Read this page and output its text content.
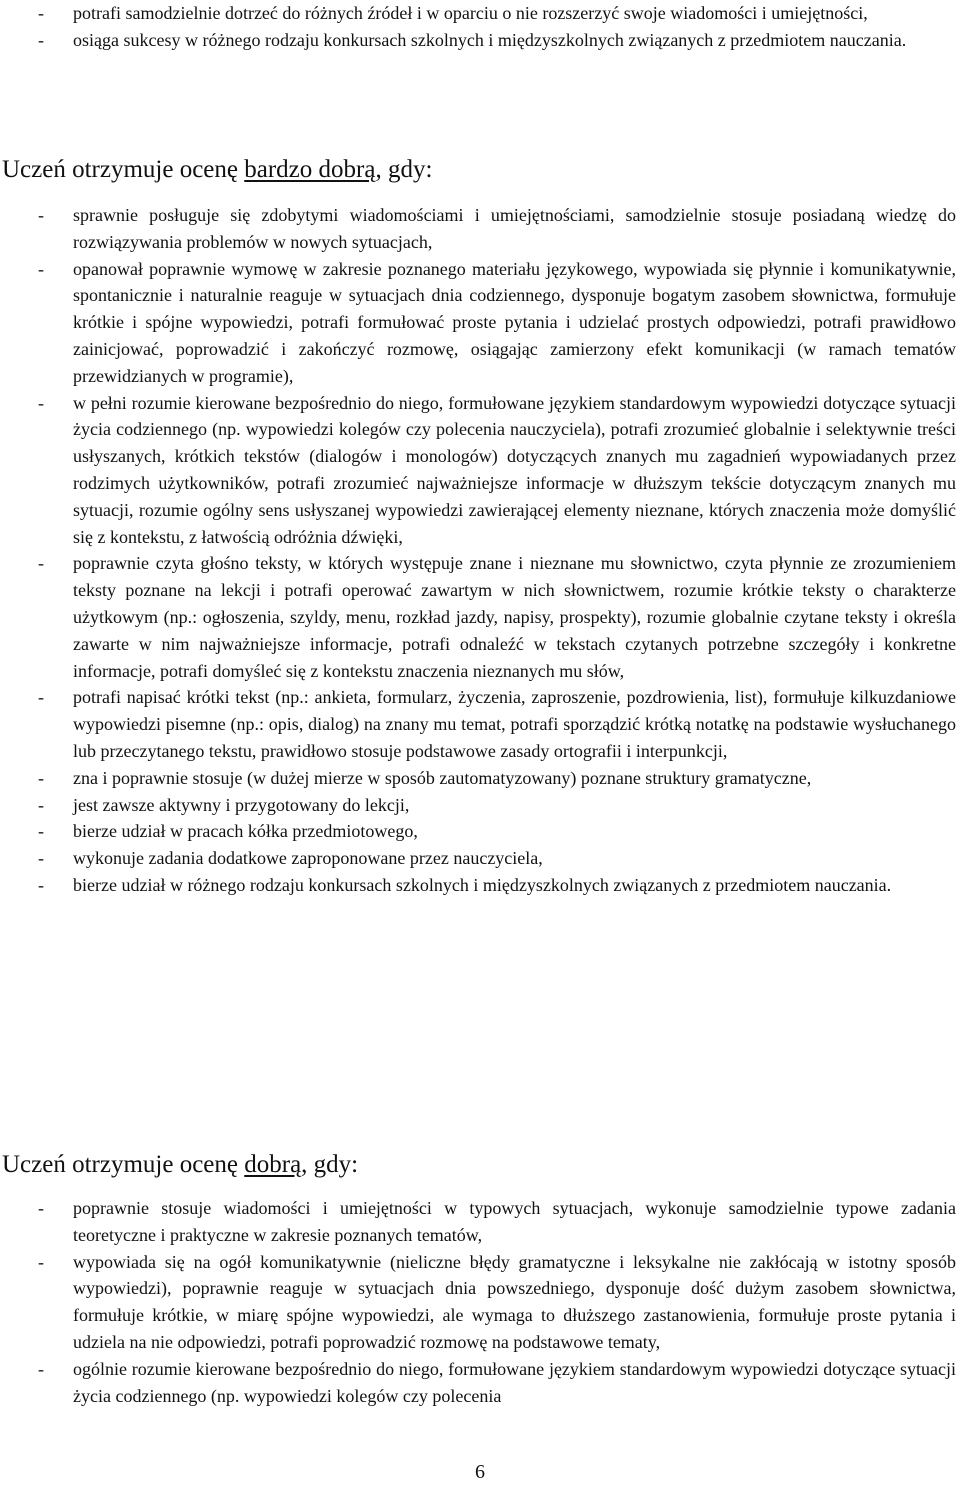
- potrafi samodzielnie dotrzeć do różnych źródeł i w oparciu o nie rozszerzyć swoje wiadomości i umiejętności,
- osiąga sukcesy w różnego rodzaju konkursach szkolnych i międzyszkolnych związanych z przedmiotem nauczania.
Uczeń otrzymuje ocenę bardzo dobrą, gdy:
- sprawnie posługuje się zdobytymi wiadomościami i umiejętnościami, samodzielnie stosuje posiadaną wiedzę do rozwiązywania problemów w nowych sytuacjach,
- opanował poprawnie wymowę w zakresie poznanego materiału językowego, wypowiada się płynnie i komunikatywnie, spontanicznie i naturalnie reaguje w sytuacjach dnia codziennego, dysponuje bogatym zasobem słownictwa, formułuje krótkie i spójne wypowiedzi, potrafi formułować proste pytania i udzielać prostych odpowiedzi, potrafi prawidłowo zainicjować, poprowadzić i zakończyć rozmowę, osiągając zamierzony efekt komunikacji (w ramach tematów przewidzianych w programie),
- w pełni rozumie kierowane bezpośrednio do niego, formułowane językiem standardowym wypowiedzi dotyczące sytuacji życia codziennego (np. wypowiedzi kolegów czy polecenia nauczyciela), potrafi zrozumieć globalnie i selektywnie treści usłyszanych, krótkich tekstów (dialogów i monologów) dotyczących znanych mu zagadnień wypowiadanych przez rodzimych użytkowników, potrafi zrozumieć najważniejsze informacje w dłuższym tekście dotyczącym znanych mu sytuacji, rozumie ogólny sens usłyszanej wypowiedzi zawierającej elementy nieznane, których znaczenia może domyślić się z kontekstu, z łatwością odróżnia dźwięki,
- poprawnie czyta głośno teksty, w których występuje znane i nieznane mu słownictwo, czyta płynnie ze zrozumieniem teksty poznane na lekcji i potrafi operować zawartym w nich słownictwem, rozumie krótkie teksty o charakterze użytkowym (np.: ogłoszenia, szyldy, menu, rozkład jazdy, napisy, prospekty), rozumie globalnie czytane teksty i określa zawarte w nim najważniejsze informacje, potrafi odnaleźć w tekstach czytanych potrzebne szczegóły i konkretne informacje, potrafi domyśleć się z kontekstu znaczenia nieznanych mu słów,
- potrafi napisać krótki tekst (np.: ankieta, formularz, życzenia, zaproszenie, pozdrowienia, list), formułuje kilkuzdaniowe wypowiedzi pisemne (np.: opis, dialog) na znany mu temat, potrafi sporządzić krótką notatkę na podstawie wysłuchanego lub przeczytanego tekstu, prawidłowo stosuje podstawowe zasady ortografii i interpunkcji,
- zna i poprawnie stosuje (w dużej mierze w sposób zautomatyzowany) poznane struktury gramatyczne,
- jest zawsze aktywny i przygotowany do lekcji,
- bierze udział w pracach kółka przedmiotowego,
- wykonuje zadania dodatkowe zaproponowane przez nauczyciela,
- bierze udział w różnego rodzaju konkursach szkolnych i międzyszkolnych związanych z przedmiotem nauczania.
Uczeń otrzymuje ocenę dobrą, gdy:
- poprawnie stosuje wiadomości i umiejętności w typowych sytuacjach, wykonuje samodzielnie typowe zadania teoretyczne i praktyczne w zakresie poznanych tematów,
- wypowiada się na ogół komunikatywnie (nieliczne błędy gramatyczne i leksykalne nie zakłócają w istotny sposób wypowiedzi), poprawnie reaguje w sytuacjach dnia powszedniego, dysponuje dość dużym zasobem słownictwa, formułuje krótkie, w miarę spójne wypowiedzi, ale wymaga to dłuższego zastanowienia, formułuje proste pytania i udziela na nie odpowiedzi, potrafi poprowadzić rozmowę na podstawowe tematy,
- ogólnie rozumie kierowane bezpośrednio do niego, formułowane językiem standardowym wypowiedzi dotyczące sytuacji życia codziennego (np. wypowiedzi kolegów czy polecenia
6
